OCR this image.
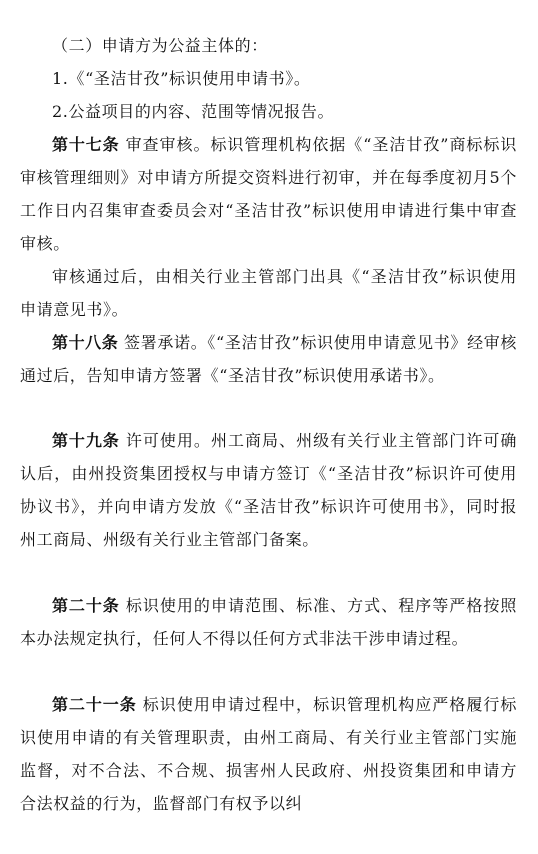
（二）申请方为公益主体的：

1.《“圣洁甘孜”标识使用申请书》。

2.公益项目的内容、范围等情况报告。

第十七条 审查审核。标识管理机构依据《“圣洁甘孜”商标标识审核管理细则》对申请方所提交资料进行初审，并在每季度初月5个工作日内召集审查委员会对“圣洁甘孜”标识使用申请进行集中审查审核。

审核通过后，由相关行业主管部门出具《“圣洁甘孜”标识使用申请意见书》。

第十八条 签署承诺。《“圣洁甘孜”标识使用申请意见书》经审核通过后，告知申请方签署《“圣洁甘孜”标识使用承诺书》。

第十九条 许可使用。州工商局、州级有关行业主管部门许可确认后，由州投资集团授权与申请方签订《“圣洁甘孜”标识许可使用协议书》，并向申请方发放《“圣洁甘孜”标识许可使用书》，同时报州工商局、州级有关行业主管部门备案。

第二十条 标识使用的申请范围、标准、方式、程序等严格按照本办法规定执行，任何人不得以任何方式非法干涉申请过程。

第二十一条 标识使用申请过程中，标识管理机构应严格履行标识使用申请的有关管理职责，由州工商局、有关行业主管部门实施监督，对不合法、不合规、损害州人民政府、州投资集团和申请方合法权益的行为，监督部门有权予以纠
